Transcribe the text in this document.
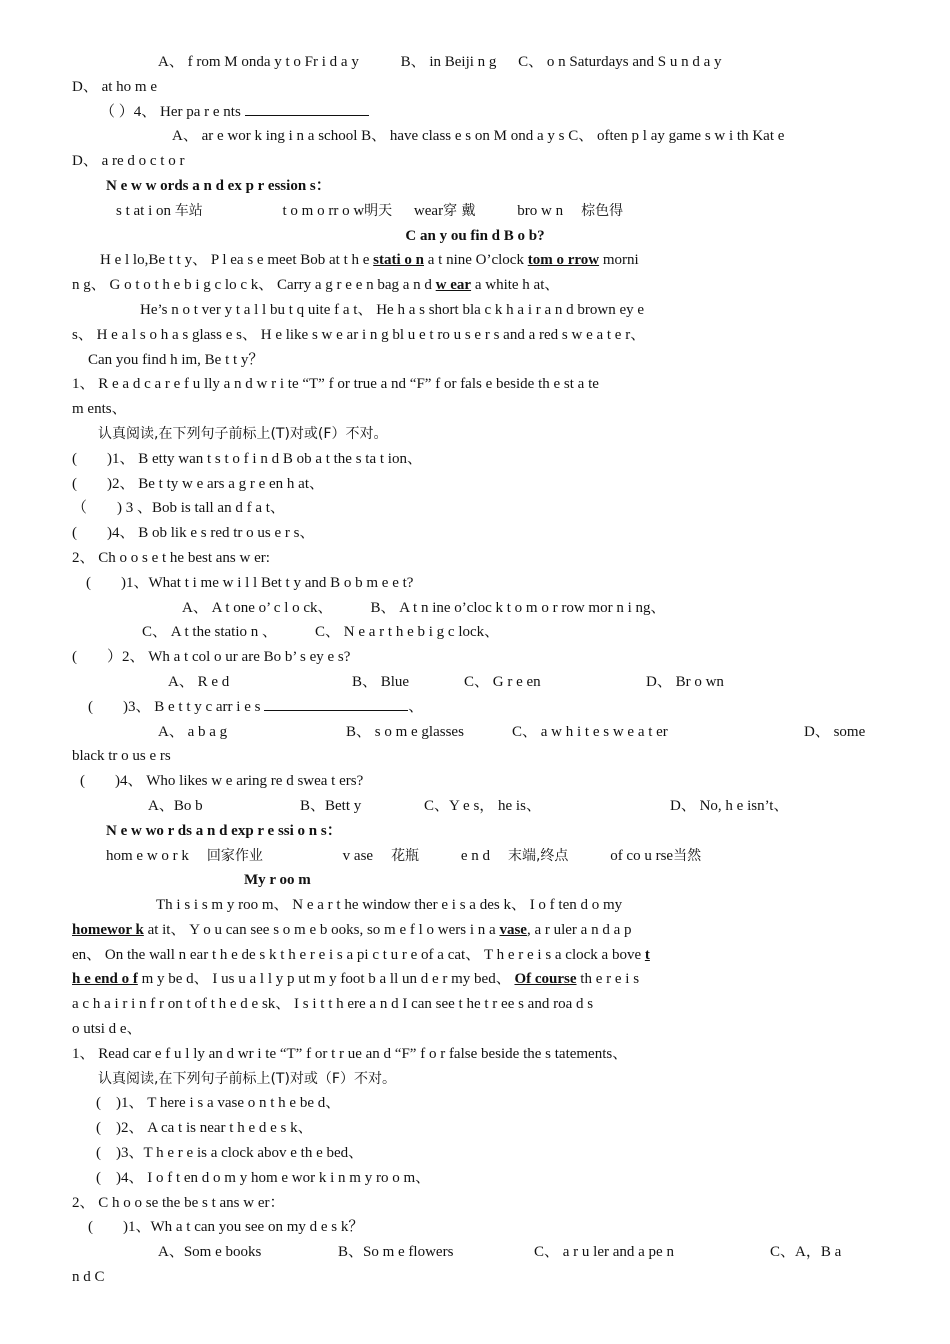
A、 f rom M onda y t o Fr i d a y	B、 in Beiji n g C、 o n Saturdays and S u n d a y
D、 at ho m e
（ ）4、 Her pa r e nts
A、 ar e wor k ing i n a school B、 have class e s on M ond a y s C、 often p l ay game s w i th Kat e
D、 a re d o c t o r
N e w w ords a n d ex p r ession s：
s t at i on 车站	t o m o rr o w明天 wear穿 戴	bro w n 棕色得
C an y ou fin d B o b?
H e l lo,Be t t y、 P l ea s e meet Bob at t h e stati o n a t nine O’clock tom o rrow morni
n g、 G o t o t h e b i g c lo c k、 Carry a g r e e n bag a n d w ear a white h at、
He’s n o t ver y t a l l bu t q uite f a t、 He h a s short bla c k h a i r a n d brown ey e
s、 H e a l s o h a s glass e s、 H e like s w e ar i n g bl u e t ro u s e r s and a red s w e a t e r、
Can you find h im, Be t t y？
1、 R e a d c a r e f u lly a n d w r i te “T” f or true a nd “F” f or fals e beside th e st a te
m ents、
认真阅读,在下列句子前标上(T)对或(F）不对。
(　　)1、 B etty wan t s t o f i n d B ob a t the s ta t ion、
(　　)2、 Be t ty w e ars a g r e en h at、
（　　) 3 、Bob is tall an d f a t、
(　　)4、 B ob lik e s red tr o us e r s、
2、 Ch o o s e t he best ans w er:
(　　)1、What t i me w i l l Bet t y and B o b m e e t?
A、 A t one o’ c l o ck、	B、 A t n ine o’cloc k t o m o r row mor n i ng、
C、 A t the statio n 、	C、 N e a r t h e b i g c lock、
(　　）2、 Wh a t col o ur are Bo b’ s ey e s?
A、 R e d	B、 Blue	C、 G r e en	D、 Br o wn
(　　)3、 B e t t y c arr i e s	、
A、 a b a g	B、 s o m e glasses	C、 a w h i t e s w e a t er	D、 some
black tr o us e rs
(　　)4、 Who likes w e aring re d swea t ers?
A、Bo b	B、Bett y	C、Y e s， he is、	D、 No, h e isn’t、
N e w wo r ds a n d exp r e ssi o n s：
hom e w o r k 回家作业	v ase 花瓶	e n d 末端,终点	of co u rse当然
My r oo m
Th i s i s m y roo m、 N e a r t he window ther e i s a des k、 I o f ten d o my
homewor k at it、 Y o u can see s o m e b ooks, so m e f l o wers i n a vase, a r uler a n d a p
en、 On the wall n ear t h e de s k t h e r e i s a pi c t u r e of a cat、 T h e r e i s a clock a bove t
h e end o f m y be d、 I us u a l l y p ut m y foot b a ll un d e r my bed、 Of course th e r e i s
a c h a i r i n f r on t of t h e d e sk、 I s i t t h ere a n d I can see t he t r ee s and roa d s
o utsi d e、
1、 Read car e f u l ly an d wr i te “T” f or t r ue an d “F” f o r false beside the s tatements、
认真阅读,在下列句子前标上(T)对或（F）不对。
(　)1、 T here i s a vase o n t h e be d、
(　)2、 A ca t is near t h e d e s k、
(　)3、T h e r e is a clock abov e th e bed、
(　)4、 I o f t en d o m y hom e wor k i n m y ro o m、
2、 C h o o se the be s t ans w er：
(　　)1、Wh a t can you see on my d e s k？
A、Som e books	B、So m e flowers	C、 a r u ler and a pe n	C、A，B a
n d C
